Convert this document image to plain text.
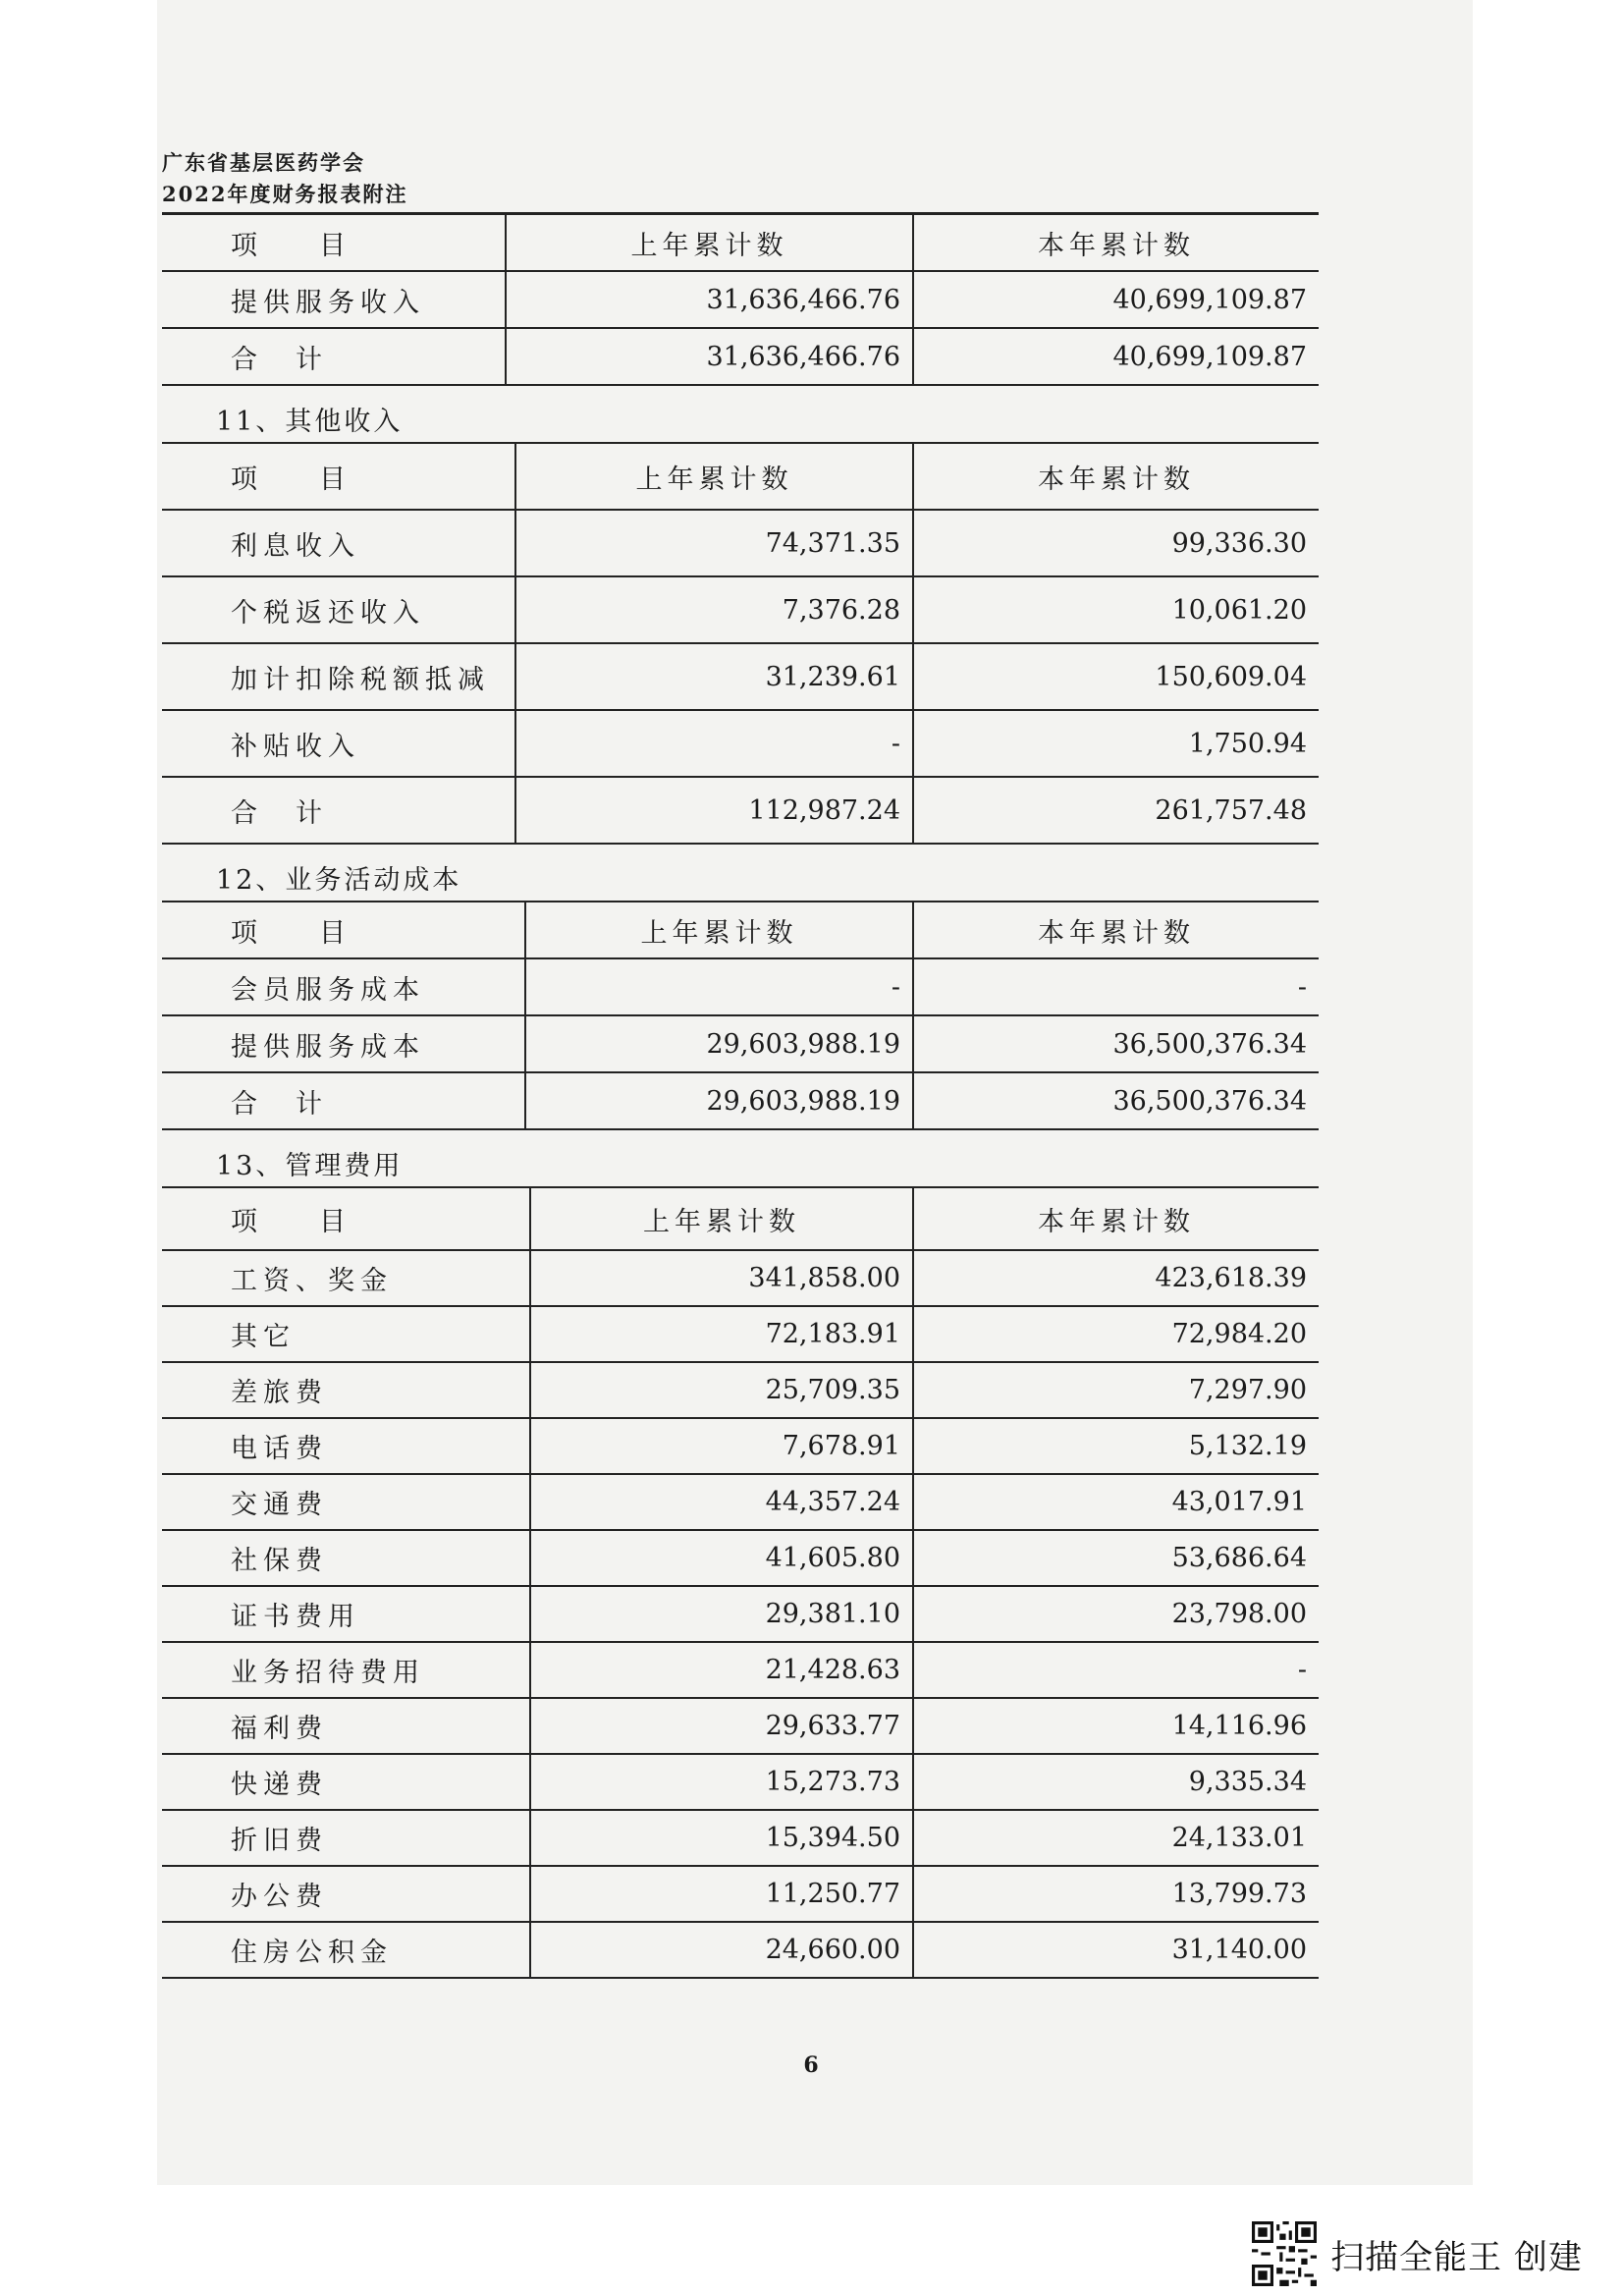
广东省基层医药学会
2022年度财务报表附注
项　目	上年累计数	本年累计数
提供服务收入	31,636,466.76	40,699,109.87
合　计	31,636,466.76	40,699,109.87
11、其他收入
项　目	上年累计数	本年累计数
利息收入	74,371.35	99,336.30
个税返还收入	7,376.28	10,061.20
加计扣除税额抵减	31,239.61	150,609.04
补贴收入	-	1,750.94
合　计	112,987.24	261,757.48
12、业务活动成本
项　目	上年累计数	本年累计数
会员服务成本	-	-
提供服务成本	29,603,988.19	36,500,376.34
合　计	29,603,988.19	36,500,376.34
13、管理费用
项　目	上年累计数	本年累计数
工资、奖金	341,858.00	423,618.39
其它	72,183.91	72,984.20
差旅费	25,709.35	7,297.90
电话费	7,678.91	5,132.19
交通费	44,357.24	43,017.91
社保费	41,605.80	53,686.64
证书费用	29,381.10	23,798.00
业务招待费用	21,428.63	-
福利费	29,633.77	14,116.96
快递费	15,273.73	9,335.34
折旧费	15,394.50	24,133.01
办公费	11,250.77	13,799.73
住房公积金	24,660.00	31,140.00
6
扫描全能王 创建
